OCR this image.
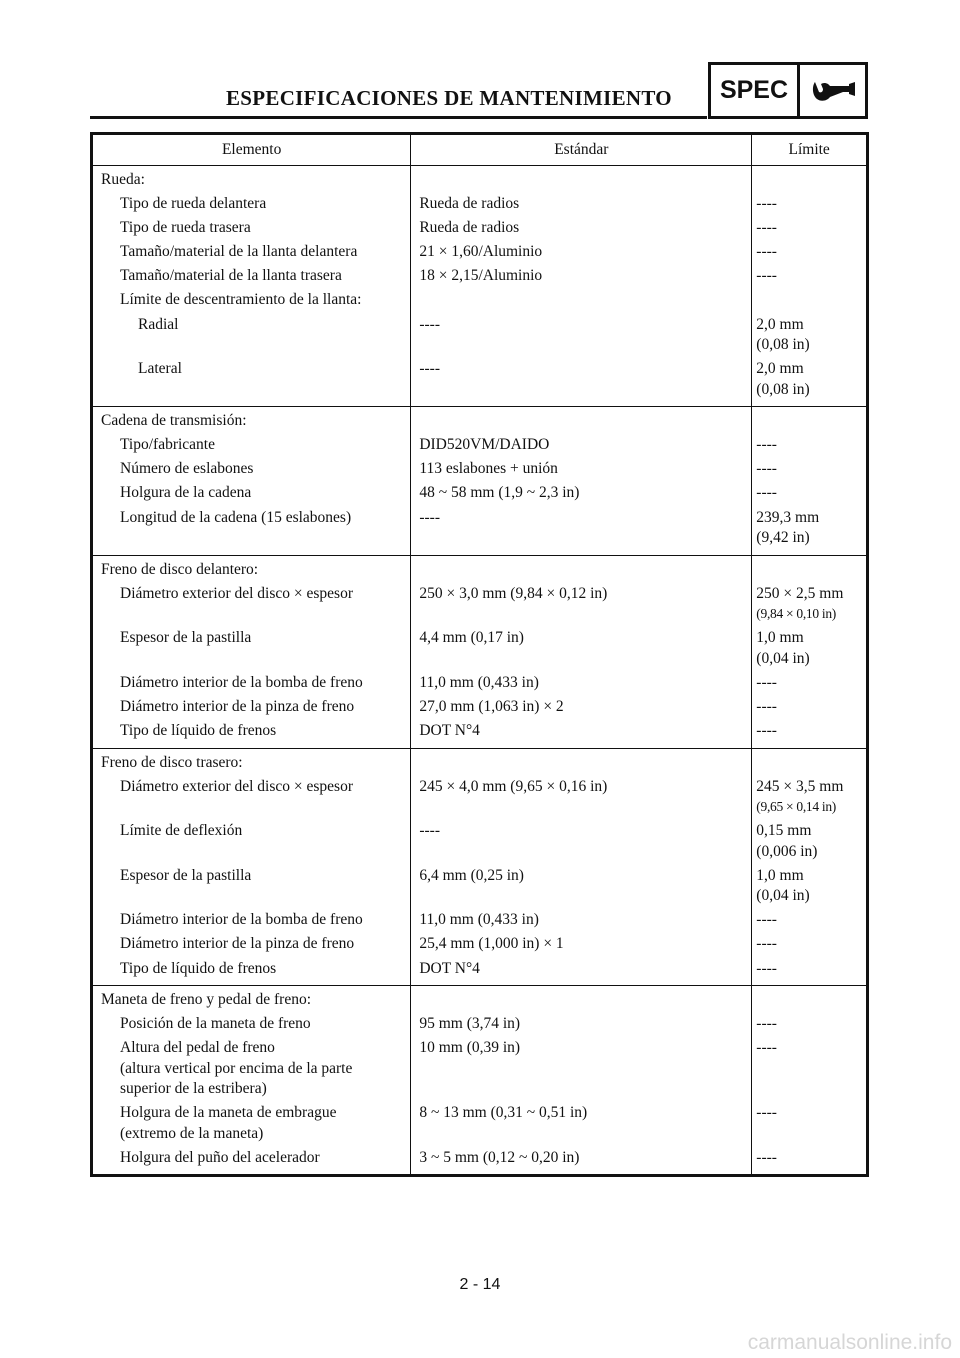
ESPECIFICACIONES DE MANTENIMIENTO	SPEC
Elemento	Estándar	Límite
Rueda:		

Tipo de rueda delantera	Rueda de radios	----

Tipo de rueda trasera	Rueda de radios	----

Tamaño/material de la llanta delantera	21 × 1,60/Aluminio	----

Tamaño/material de la llanta trasera	18 × 2,15/Aluminio	----

Límite de descentramiento de la llanta:		

Radial	----	2,0 mm
(0,08 in)

Lateral	----	2,0 mm
(0,08 in)

Cadena de transmisión:		

Tipo/fabricante	DID520VM/DAIDO	----

Número de eslabones	113 eslabones + unión	----

Holgura de la cadena	48 ~ 58 mm (1,9 ~ 2,3 in)	----

Longitud de la cadena (15 eslabones)	----	239,3 mm
(9,42 in)

Freno de disco delantero:		

Diámetro exterior del disco × espesor	250 × 3,0 mm (9,84 × 0,12 in)	250 × 2,5 mm
(9,84 × 0,10 in)

Espesor de la pastilla	4,4 mm (0,17 in)	1,0 mm
(0,04 in)

Diámetro interior de la bomba de freno	11,0 mm (0,433 in)	----

Diámetro interior de la pinza de freno	27,0 mm (1,063 in) × 2	----

Tipo de líquido de frenos	DOT N°4	----

Freno de disco trasero:		

Diámetro exterior del disco × espesor	245 × 4,0 mm (9,65 × 0,16 in)	245 × 3,5 mm
(9,65 × 0,14 in)

Límite de deflexión	----	0,15 mm
(0,006 in)

Espesor de la pastilla	6,4 mm (0,25 in)	1,0 mm
(0,04 in)

Diámetro interior de la bomba de freno	11,0 mm (0,433 in)	----

Diámetro interior de la pinza de freno	25,4 mm (1,000 in) × 1	----

Tipo de líquido de frenos	DOT N°4	----

Maneta de freno y pedal de freno:		

Posición de la maneta de freno	95 mm (3,74 in)	----

Altura del pedal de freno
(altura vertical por encima de la parte
superior de la estribera)	10 mm (0,39 in)	----

Holgura de la maneta de embrague
(extremo de la maneta)	8 ~ 13 mm (0,31 ~ 0,51 in)	----

Holgura del puño del acelerador	3 ~ 5 mm (0,12 ~ 0,20 in)	----
2 - 14
carmanualsonline.info
